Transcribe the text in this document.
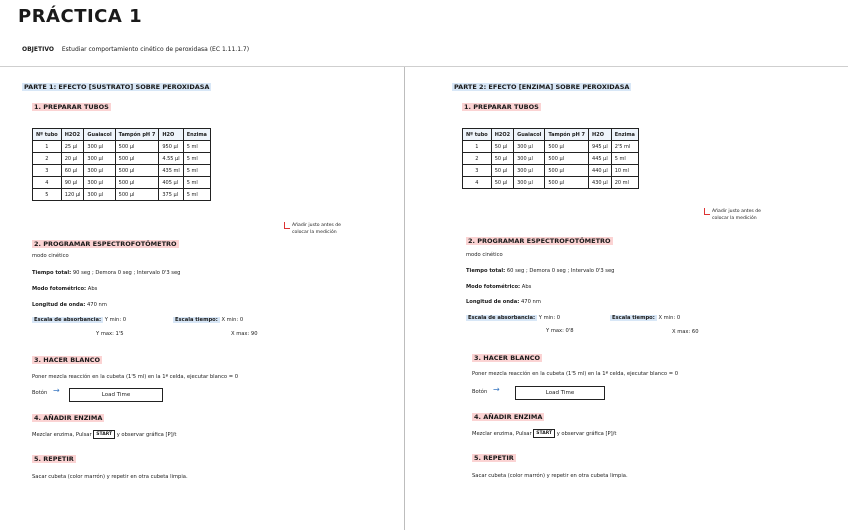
PRÁCTICA 1
OBJETIVO Estudiar comportamiento cinético de peroxidasa (EC 1.11.1.7)
PARTE 1: EFECTO [SUSTRATO] SOBRE PEROXIDASA
1. PREPARAR TUBOS
Nº tubo	H2O2	Guaiacol	Tampón pH 7	H2O	Enzima
1	25 µl	300 µl	500 µl	950 µl	5 ml
2	20 µl	300 µl	500 µl	4.55 µl	5 ml
3	60 µl	300 µl	500 µl	435 ml	5 ml
4	90 µl	300 µl	500 µl	405 µl	5 ml
5	120 µl	300 µl	500 µl	375 µl	5 ml
Añadir justo antes de
colocar la medición
2. PROGRAMAR ESPECTROFOTÓMETRO
modo cinético
Tiempo total: 90 seg ; Demora 0 seg ; Intervalo 0'3 seg
Modo fotométrico: Abs
Longitud de onda: 470 nm
Escala de absorbancia: Y min: 0	Escala tiempo: X min: 0
Y max: 1'5	X max: 90
3. HACER BLANCO
Poner mezcla reacción en la cubeta (1'5 ml) en la 1ª celda, ejecutar blanco = 0
Botón →	Load Time
4. AÑADIR ENZIMA
Mezclar enzima, Pulsar START y observar gráfica [P]/t
5. REPETIR
Sacar cubeta (color marrón) y repetir en otra cubeta limpia.
PARTE 2: EFECTO [ENZIMA] SOBRE PEROXIDASA
1. PREPARAR TUBOS
Nº tubo	H2O2	Guaiacol	Tampón pH 7	H2O	Enzima
1	50 µl	300 µl	500 µl	945 µl	2'5 ml
2	50 µl	300 µl	500 µl	445 µl	5 ml
3	50 µl	300 µl	500 µl	440 µl	10 ml
4	50 µl	300 µl	500 µl	430 µl	20 ml
Añadir justo antes de
colocar la medición
2. PROGRAMAR ESPECTROFOTÓMETRO
modo cinético
Tiempo total: 60 seg ; Demora 0 seg ; Intervalo 0'3 seg
Modo fotométrico: Abs
Longitud de onda: 470 nm
Escala de absorbancia: Y min: 0	Escala tiempo: X min: 0
Y max: 0'8	X max: 60
3. HACER BLANCO
Poner mezcla reacción en la cubeta (1'5 ml) en la 1ª celda, ejecutar blanco = 0
Botón →	Load Time
4. AÑADIR ENZIMA
Mezclar enzima, Pulsar START y observar gráfica [P]/t
5. REPETIR
Sacar cubeta (color marrón) y repetir en otra cubeta limpia.
